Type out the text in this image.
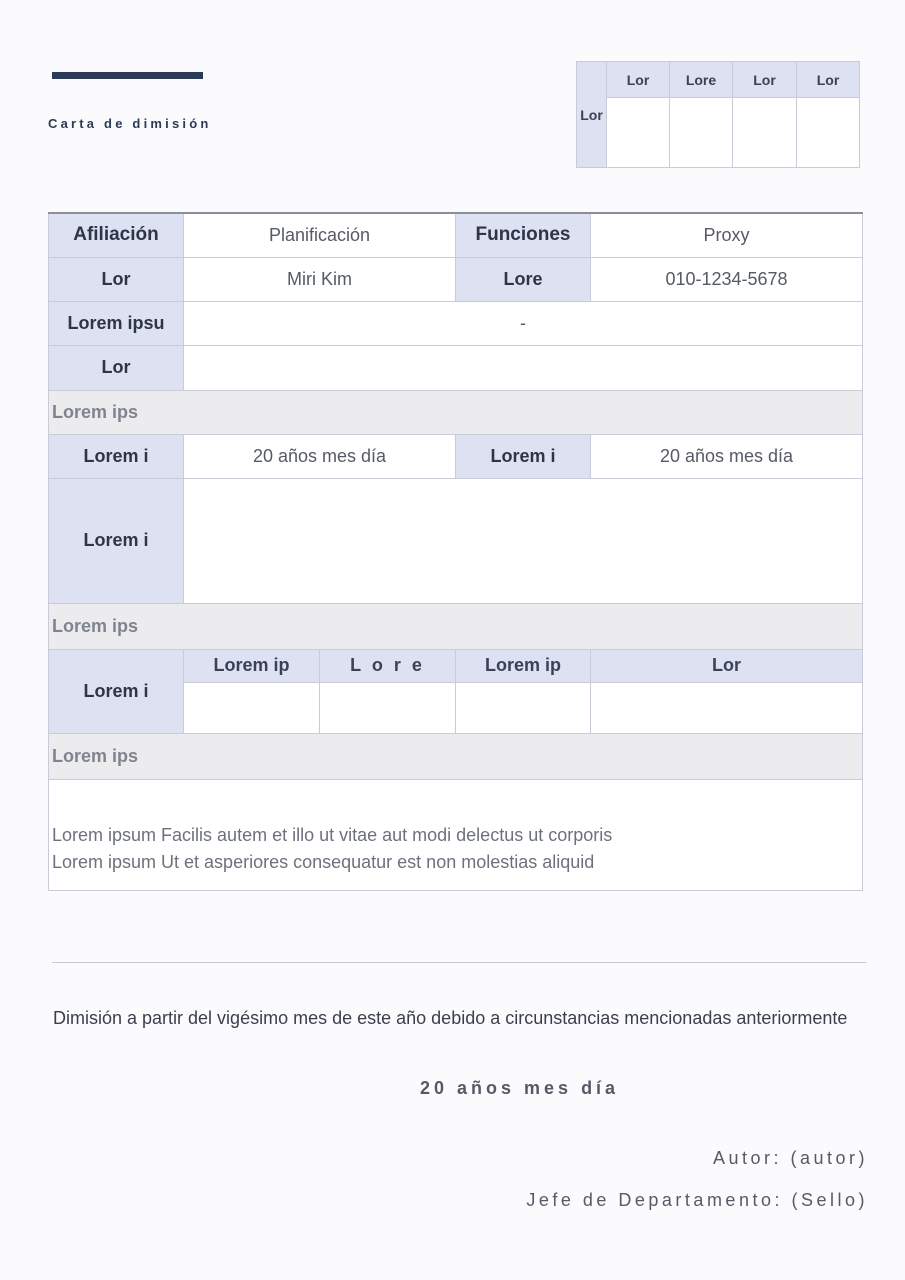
Carta de dimisión
Lor	Lor	Lore	Lor	Lor

Afiliación	Planificación		Funciones	Proxy
Lor	Miri Kim		Lore	010-1234-5678
Lorem ipsu	-			
Lor				
Lorem ips				
Lorem i	20 años mes día		Lorem i	20 años mes día
Lorem i				
Lorem ips				
Lorem i	Lorem ip	L o r e	Lorem ip	Lor

Lorem ips				

Lorem ipsum Facilis autem et illo ut vitae aut modi delectus ut corporis
Lorem ipsum Ut et asperiores consequatur est non molestias aliquid				
Dimisión a partir del vigésimo mes de este año debido a circunstancias mencionadas anteriormente
20 años mes día
Autor: (autor)
Jefe de Departamento: (Sello)
